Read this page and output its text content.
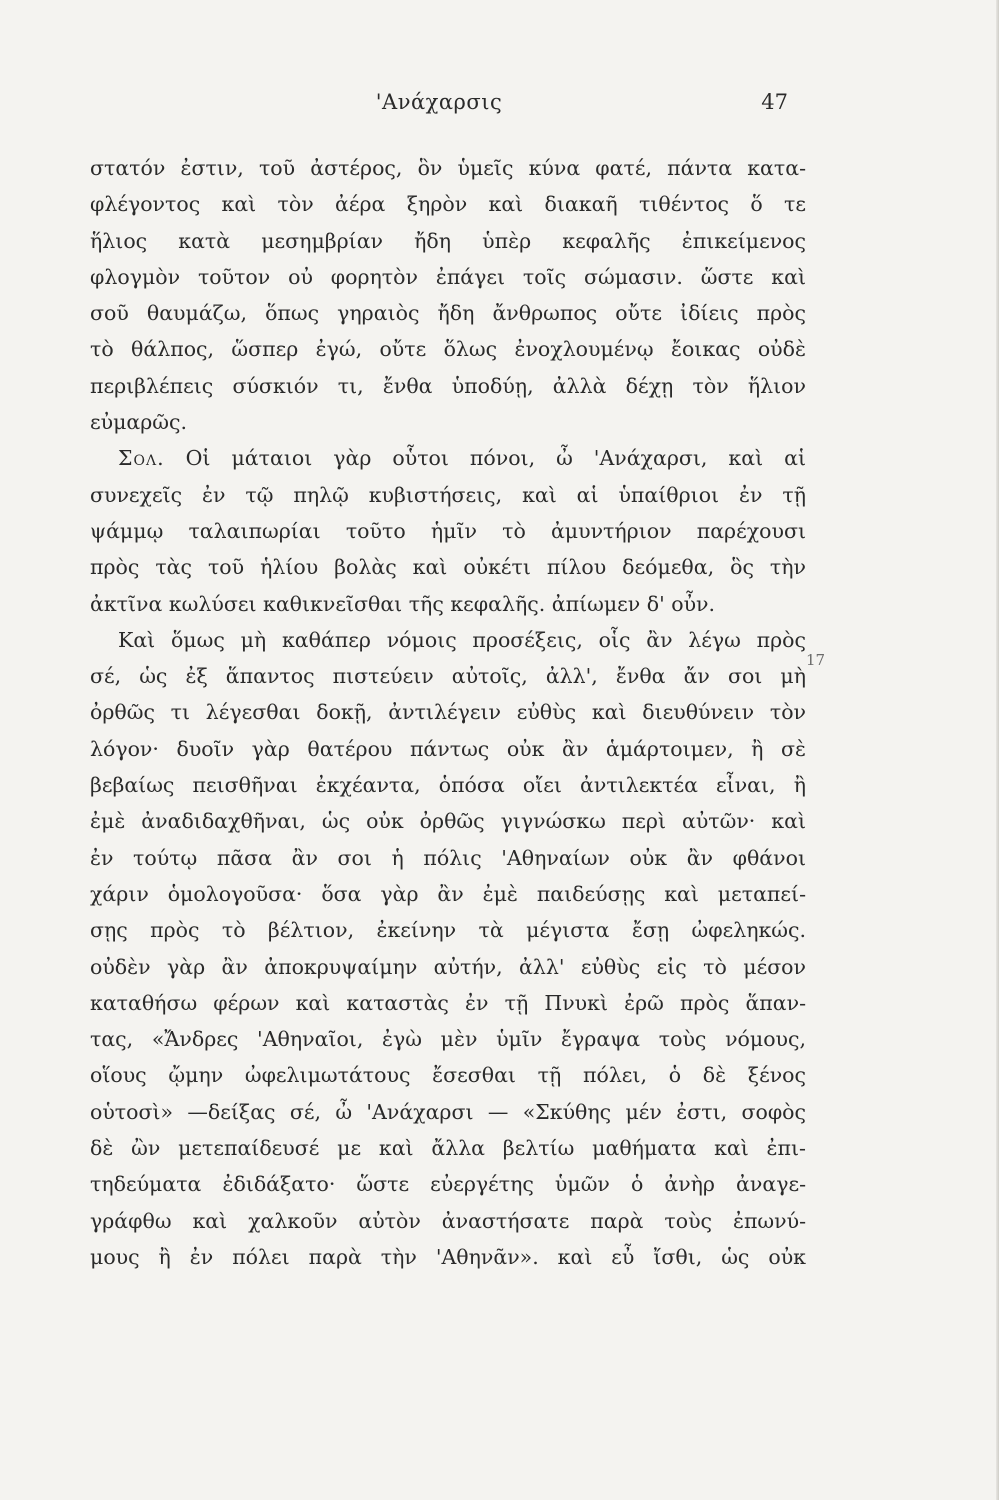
'Ανάχαρσις	47
στατόν ἐστιν, τοῦ ἀστέρος, ὃν ὑμεῖς κύνα φατέ, πάντα κατα-
φλέγοντος καὶ τὸν ἀέρα ξηρὸν καὶ διακαῆ τιθέντος ὅ τε
ἥλιος κατὰ μεσημβρίαν ἤδη ὑπὲρ κεφαλῆς ἐπικείμενος
φλογμὸν τοῦτον οὐ φορητὸν ἐπάγει τοῖς σώμασιν. ὥστε καὶ
σοῦ θαυμάζω, ὅπως γηραιὸς ἤδη ἄνθρωπος οὔτε ἰδίεις πρὸς
τὸ θάλπος, ὥσπερ ἐγώ, οὔτε ὅλως ἐνοχλουμένῳ ἔοικας οὐδὲ
περιβλέπεις σύσκιόν τι, ἔνθα ὑποδύῃ, ἀλλὰ δέχῃ τὸν ἥλιον
εὐμαρῶς.
Σολ. Οἱ μάταιοι γὰρ οὗτοι πόνοι, ὦ 'Ανάχαρσι, καὶ αἱ
συνεχεῖς ἐν τῷ πηλῷ κυβιστήσεις, καὶ αἱ ὑπαίθριοι ἐν τῇ
ψάμμῳ ταλαιπωρίαι τοῦτο ἡμῖν τὸ ἀμυντήριον παρέχουσι
πρὸς τὰς τοῦ ἡλίου βολὰς καὶ οὐκέτι πίλου δεόμεθα, ὃς τὴν
ἀκτῖνα κωλύσει καθικνεῖσθαι τῆς κεφαλῆς. ἀπίωμεν δ' οὖν.
Καὶ ὅμως μὴ καθάπερ νόμοις προσέξεις, οἷς ἂν λέγω πρὸς
σέ, ὡς ἐξ ἅπαντος πιστεύειν αὐτοῖς, ἀλλ', ἔνθα ἄν σοι μὴ
ὀρθῶς τι λέγεσθαι δοκῇ, ἀντιλέγειν εὐθὺς καὶ διευθύνειν τὸν
λόγον· δυοῖν γὰρ θατέρου πάντως οὐκ ἂν ἁμάρτοιμεν, ἢ σὲ
βεβαίως πεισθῆναι ἐκχέαντα, ὁπόσα οἴει ἀντιλεκτέα εἶναι, ἢ
ἐμὲ ἀναδιδαχθῆναι, ὡς οὐκ ὀρθῶς γιγνώσκω περὶ αὐτῶν· καὶ
ἐν τούτῳ πᾶσα ἂν σοι ἡ πόλις 'Αθηναίων οὐκ ἂν φθάνοι
χάριν ὁμολογοῦσα· ὅσα γὰρ ἂν ἐμὲ παιδεύσῃς καὶ μεταπεί-
σῃς πρὸς τὸ βέλτιον, ἐκείνην τὰ μέγιστα ἔσῃ ὠφεληκώς.
οὐδὲν γὰρ ἂν ἀποκρυψαίμην αὐτήν, ἀλλ' εὐθὺς εἰς τὸ μέσον
καταθήσω φέρων καὶ καταστὰς ἐν τῇ Πνυκὶ ἐρῶ πρὸς ἅπαν-
τας, «Ἄνδρες 'Αθηναῖοι, ἐγὼ μὲν ὑμῖν ἔγραψα τοὺς νόμους,
οἵους ᾤμην ὠφελιμωτάτους ἔσεσθαι τῇ πόλει, ὁ δὲ ξένος
οὑτοσὶ» —δείξας σέ, ὦ 'Ανάχαρσι — «Σκύθης μέν ἐστι, σοφὸς
δὲ ὢν μετεπαίδευσέ με καὶ ἄλλα βελτίω μαθήματα καὶ ἐπι-
τηδεύματα ἐδιδάξατο· ὥστε εὐεργέτης ὑμῶν ὁ ἀνὴρ ἀναγε-
γράφθω καὶ χαλκοῦν αὐτὸν ἀναστήσατε παρὰ τοὺς ἐπωνύ-
μους ἢ ἐν πόλει παρὰ τὴν 'Αθηνᾶν». καὶ εὖ ἴσθι, ὡς οὐκ
17
